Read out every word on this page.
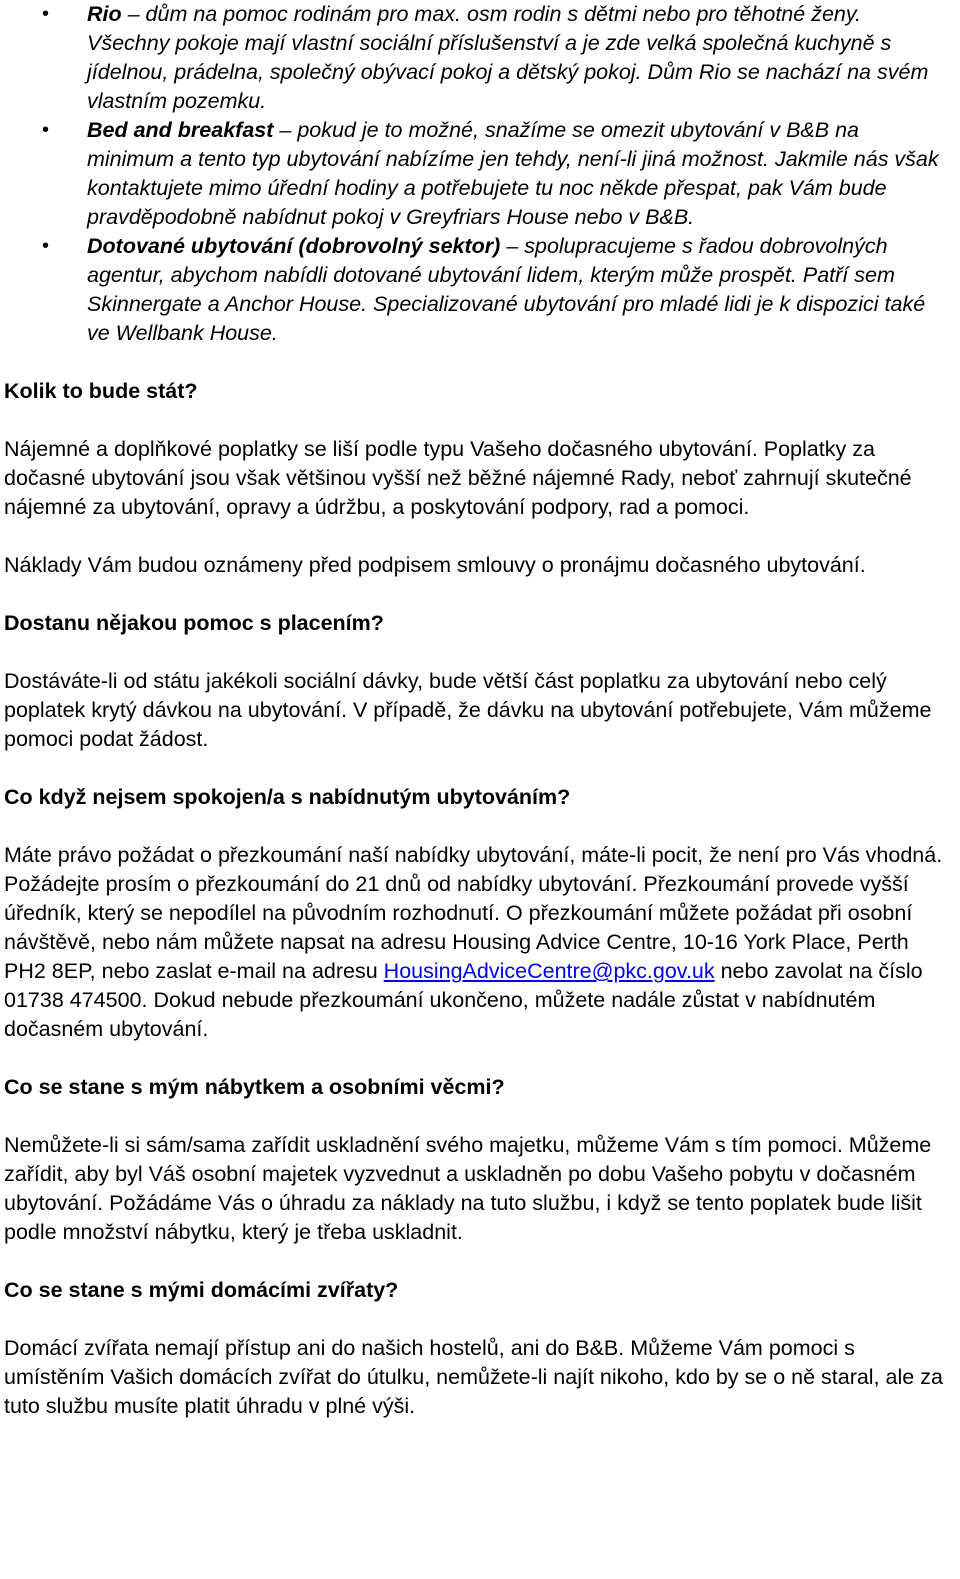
• Rio – dům na pomoc rodinám pro max. osm rodin s dětmi nebo pro těhotné ženy. Všechny pokoje mají vlastní sociální příslušenství a je zde velká společná kuchyně s jídelnou, prádelna, společný obývací pokoj a dětský pokoj. Dům Rio se nachází na svém vlastním pozemku.
• Bed and breakfast – pokud je to možné, snažíme se omezit ubytování v B&B na minimum a tento typ ubytování nabízíme jen tehdy, není-li jiná možnost. Jakmile nás však kontaktujete mimo úřední hodiny a potřebujete tu noc někde přespat, pak Vám bude pravděpodobně nabídnut pokoj v Greyfriars House nebo v B&B.
• Dotované ubytování (dobrovolný sektor) – spolupracujeme s řadou dobrovolných agentur, abychom nabídli dotované ubytování lidem, kterým může prospět. Patří sem Skinnergate a Anchor House. Specializované ubytování pro mladé lidi je k dispozici také ve Wellbank House.
Kolik to bude stát?

Nájemné a doplňkové poplatky se liší podle typu Vašeho dočasného ubytování. Poplatky za dočasné ubytování jsou však většinou vyšší než běžné nájemné Rady, neboť zahrnují skutečné nájemné za ubytování, opravy a údržbu, a poskytování podpory, rad a pomoci.

Náklady Vám budou oznámeny před podpisem smlouvy o pronájmu dočasného ubytování.

Dostanu nějakou pomoc s placením?

Dostáváte-li od státu jakékoli sociální dávky, bude větší část poplatku za ubytování nebo celý poplatek krytý dávkou na ubytování. V případě, že dávku na ubytování potřebujete, Vám můžeme pomoci podat žádost.

Co když nejsem spokojen/a s nabídnutým ubytováním?

Máte právo požádat o přezkoumání naší nabídky ubytování, máte-li pocit, že není pro Vás vhodná. Požádejte prosím o přezkoumání do 21 dnů od nabídky ubytování. Přezkoumání provede vyšší úředník, který se nepodílel na původním rozhodnutí. O přezkoumání můžete požádat při osobní návštěvě, nebo nám můžete napsat na adresu Housing Advice Centre, 10-16 York Place, Perth PH2 8EP, nebo zaslat e-mail na adresu HousingAdviceCentre@pkc.gov.uk nebo zavolat na číslo 01738 474500. Dokud nebude přezkoumání ukončeno, můžete nadále zůstat v nabídnutém dočasném ubytování.

Co se stane s mým nábytkem a osobními věcmi?

Nemůžete-li si sám/sama zařídit uskladnění svého majetku, můžeme Vám s tím pomoci. Můžeme zařídit, aby byl Váš osobní majetek vyzvednut a uskladněn po dobu Vašeho pobytu v dočasném ubytování. Požádáme Vás o úhradu za náklady na tuto službu, i když se tento poplatek bude lišit podle množství nábytku, který je třeba uskladnit.

Co se stane s mými domácími zvířaty?

Domácí zvířata nemají přístup ani do našich hostelů, ani do B&B. Můžeme Vám pomoci s umístěním Vašich domácích zvířat do útulku, nemůžete-li najít nikoho, kdo by se o ně staral, ale za tuto službu musíte platit úhradu v plné výši.
